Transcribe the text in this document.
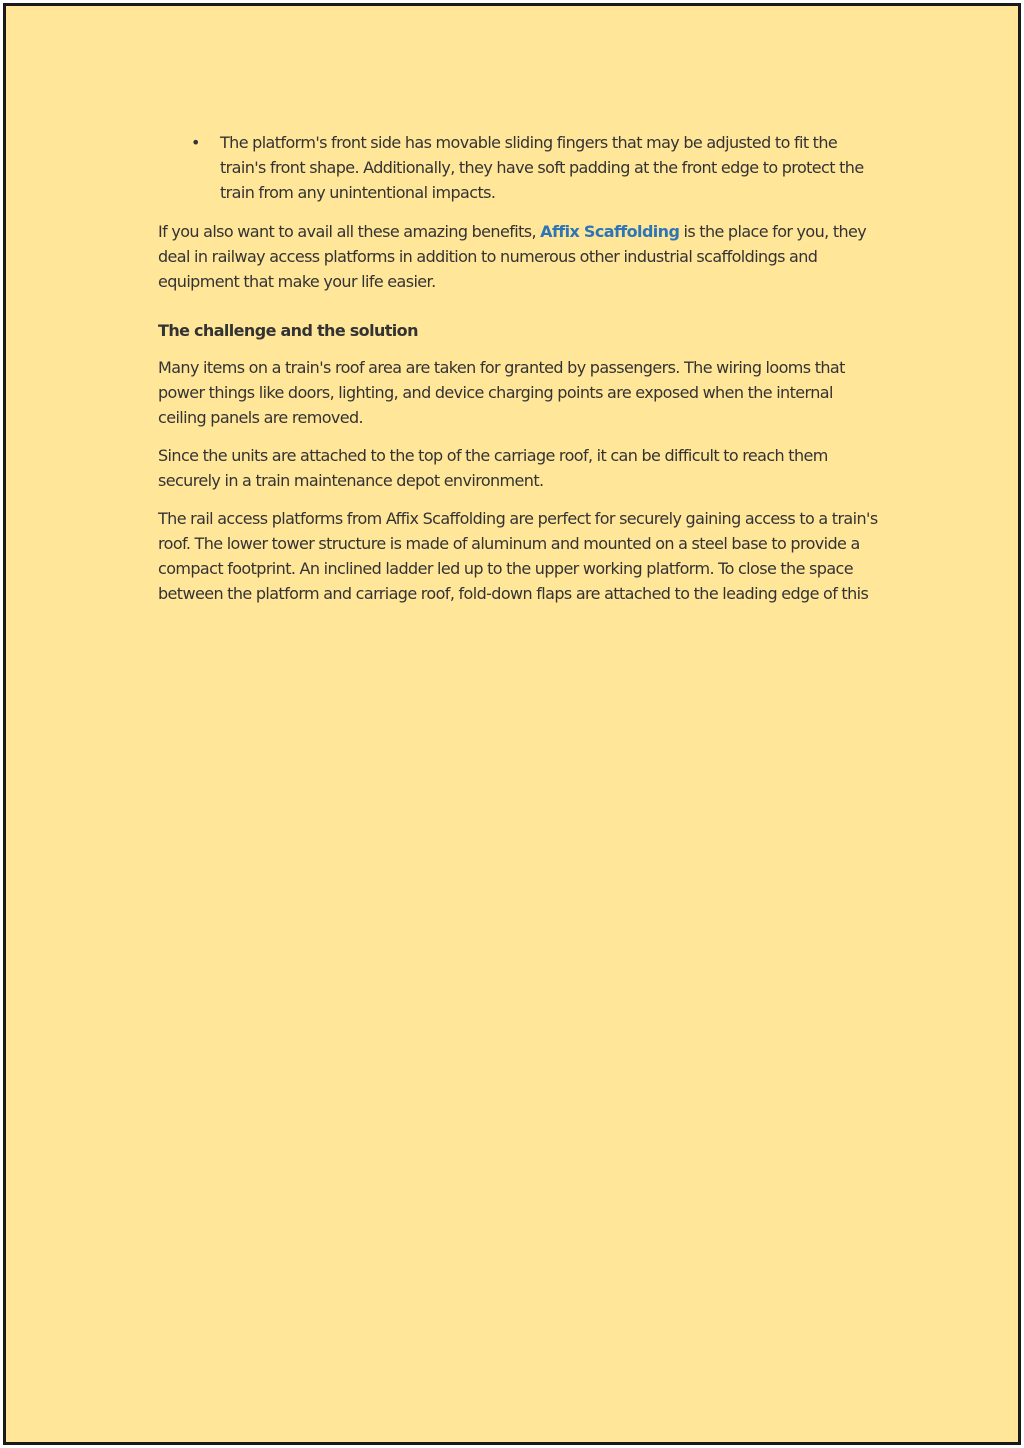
• The platform's front side has movable sliding fingers that may be adjusted to fit the train's front shape. Additionally, they have soft padding at the front edge to protect the train from any unintentional impacts.

If you also want to avail all these amazing benefits, Affix Scaffolding is the place for you, they deal in railway access platforms in addition to numerous other industrial scaffoldings and equipment that make your life easier.

The challenge and the solution

Many items on a train's roof area are taken for granted by passengers. The wiring looms that power things like doors, lighting, and device charging points are exposed when the internal ceiling panels are removed.

Since the units are attached to the top of the carriage roof, it can be difficult to reach them securely in a train maintenance depot environment.

The rail access platforms from Affix Scaffolding are perfect for securely gaining access to a train's roof. The lower tower structure is made of aluminum and mounted on a steel base to provide a compact footprint. An inclined ladder led up to the upper working platform. To close the space between the platform and carriage roof, fold-down flaps are attached to the leading edge of this
